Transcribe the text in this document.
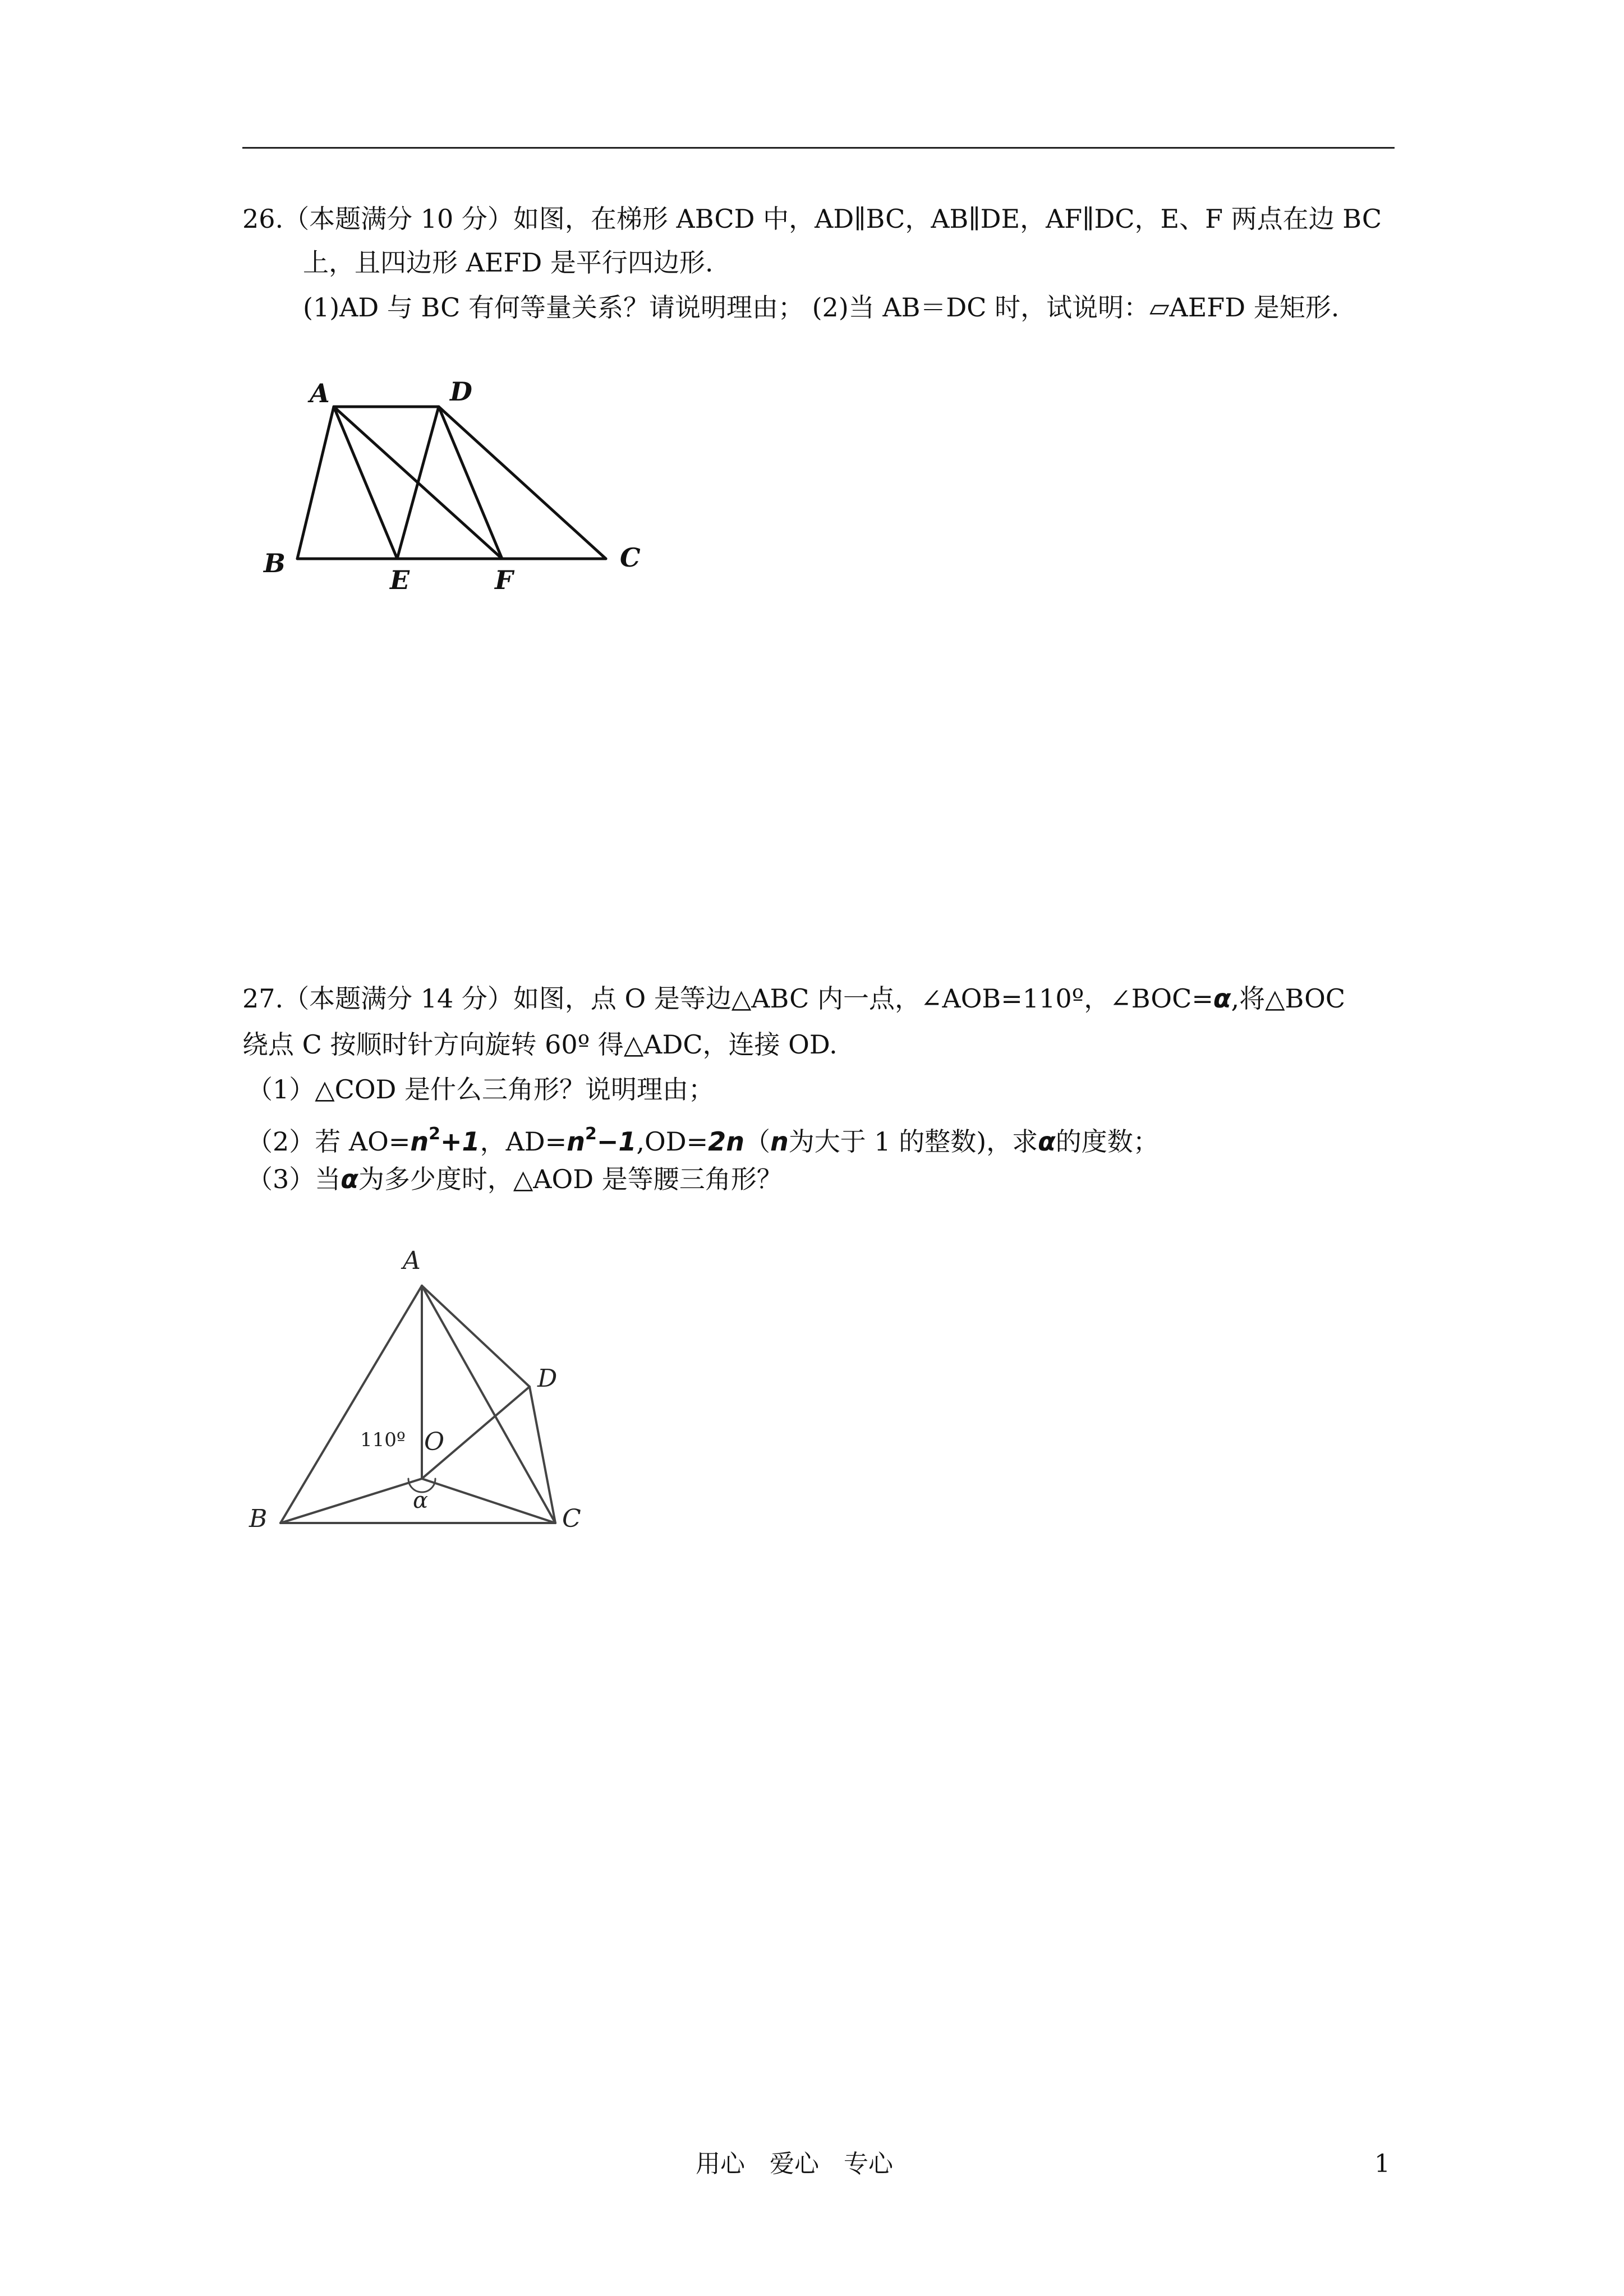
26.（本题满分 10 分）如图，在梯形 ABCD 中，AD∥BC，AB∥DE，AF∥DC，E、F 两点在边 BC
上，且四边形 AEFD 是平行四边形.
(1)AD 与 BC 有何等量关系？请说明理由； (2)当 AB＝DC 时，试说明：▱AEFD 是矩形.
A	D
B
E	F
C
27.（本题满分 14 分）如图，点 O 是等边△ABC 内一点，∠AOB=110º，∠BOC=α,将△BOC
绕点 C 按顺时针方向旋转 60º 得△ADC，连接 OD.
（1）△COD 是什么三角形？说明理由；
（2）若 $AO=n^2+1$，$AD=n^2-1,OD=2n(n$为大于 1 的整数)，求α的度数；
（3）当α为多少度时，△AOD 是等腰三角形？
A
D
O
B	C
α
110º
用心　爱心　专心	1
